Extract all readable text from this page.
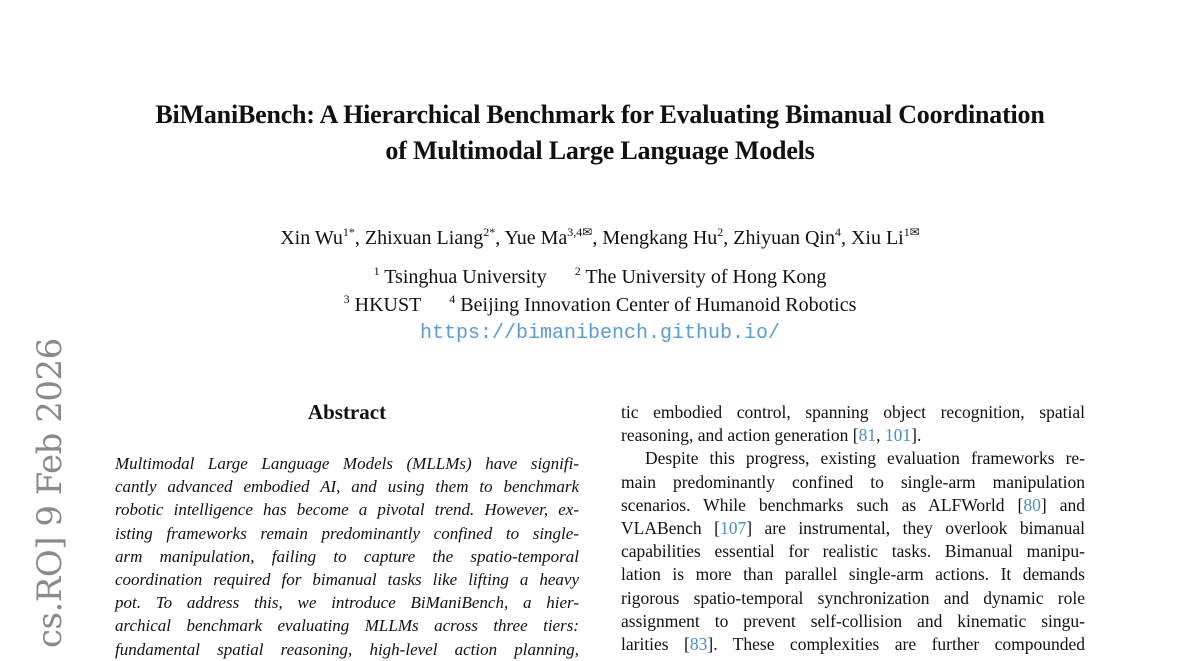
BiManiBench: A Hierarchical Benchmark for Evaluating Bimanual Coordination
of Multimodal Large Language Models
Xin $Wu^{1*}$, Zhixuan Liang$^{2*}$, Yue $Ma^{3,4✉}$, Mengkang Hu$^2$, Zhiyuan Qin$^4$, Xiu $Li^{1✉}$
$^1$ Tsinghua University $^2$ The University of Hong Kong
$^3$ HKUST $^4$ Beijing Innovation Center of Humanoid Robotics
https://bimanibench.github.io/
cs.RO] 9 Feb 2026	Abstract
Multimodal Large Language Models (MLLMs) have signifi-
cantly advanced embodied AI, and using them to benchmark
robotic intelligence has become a pivotal trend. However, ex-
isting frameworks remain predominantly confined to single-
arm manipulation, failing to capture the spatio-temporal
coordination required for bimanual tasks like lifting a heavy
pot. To address this, we introduce BiManiBench, a hier-
archical benchmark evaluating MLLMs across three tiers:
fundamental spatial reasoning, high-level action planning,
tic embodied control, spanning object recognition, spatial
reasoning, and action generation [81, 101].
Despite this progress, existing evaluation frameworks re-
main predominantly confined to single-arm manipulation
scenarios. While benchmarks such as ALFWorld [80] and
VLABench [107] are instrumental, they overlook bimanual
capabilities essential for realistic tasks. Bimanual manipu-
lation is more than parallel single-arm actions. It demands
rigorous spatio-temporal synchronization and dynamic role
assignment to prevent self-collision and kinematic singu-
larities [83]. These complexities are further compounded
